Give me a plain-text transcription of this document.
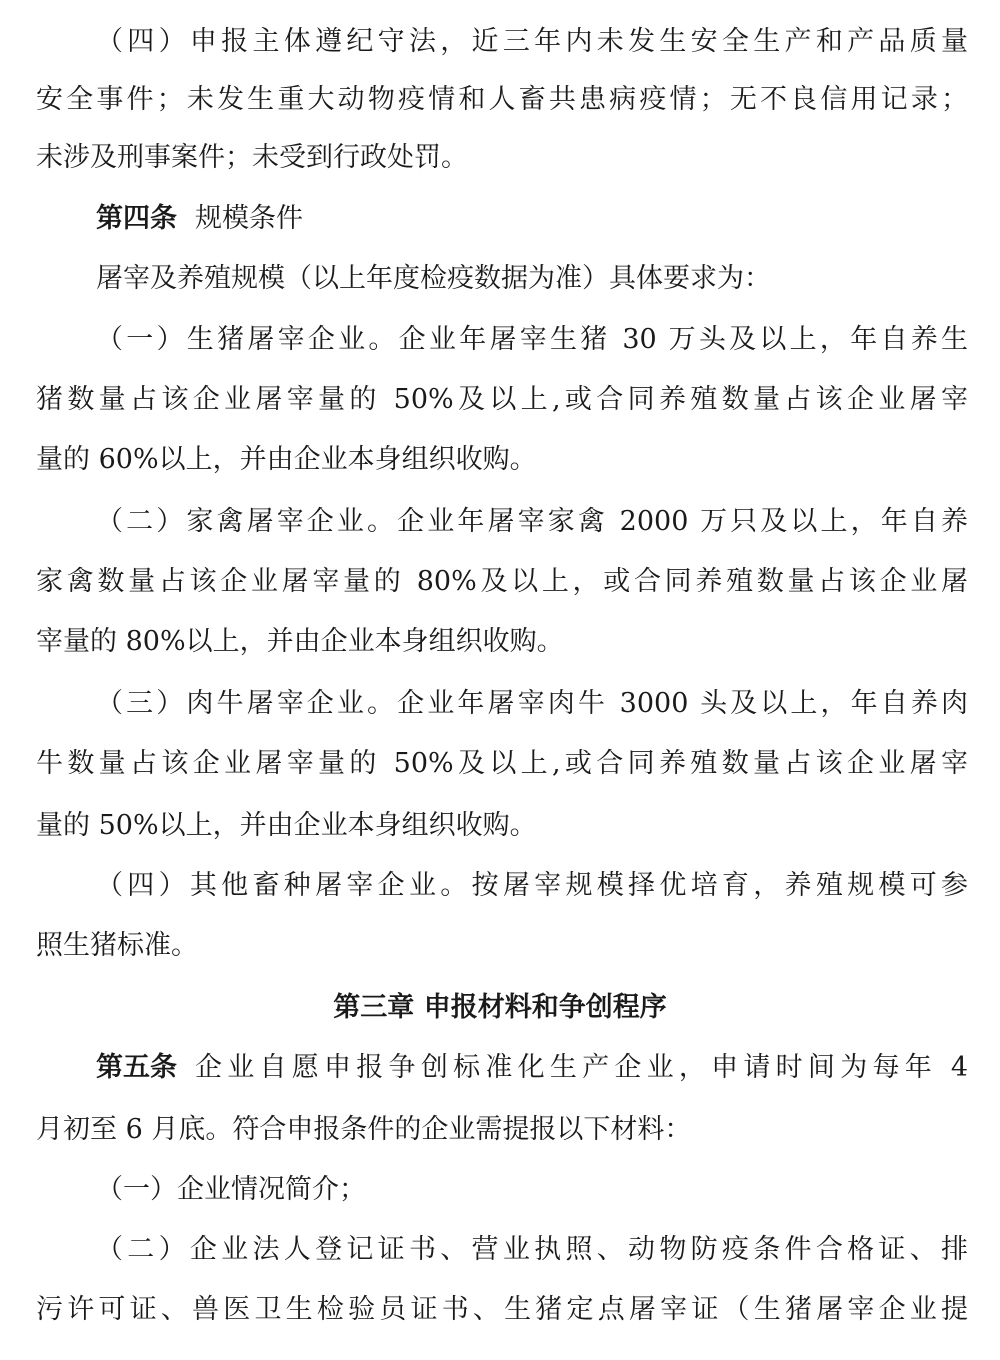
（四）申报主体遵纪守法，近三年内未发生安全生产和产品质量
安全事件；未发生重大动物疫情和人畜共患病疫情；无不良信用记录；
未涉及刑事案件；未受到行政处罚。
第四条 规模条件
屠宰及养殖规模（以上年度检疫数据为准）具体要求为：
（一）生猪屠宰企业。企业年屠宰生猪 30 万头及以上，年自养生
猪数量占该企业屠宰量的 50%及以上,或合同养殖数量占该企业屠宰
量的 60%以上，并由企业本身组织收购。
（二）家禽屠宰企业。企业年屠宰家禽 2000 万只及以上，年自养
家禽数量占该企业屠宰量的 80%及以上，或合同养殖数量占该企业屠
宰量的 80%以上，并由企业本身组织收购。
（三）肉牛屠宰企业。企业年屠宰肉牛 3000 头及以上，年自养肉
牛数量占该企业屠宰量的 50%及以上,或合同养殖数量占该企业屠宰
量的 50%以上，并由企业本身组织收购。
（四）其他畜种屠宰企业。按屠宰规模择优培育，养殖规模可参
照生猪标准。
第三章 申报材料和争创程序
第五条 企业自愿申报争创标准化生产企业，申请时间为每年 4
月初至 6 月底。符合申报条件的企业需提报以下材料：
（一）企业情况简介；
（二）企业法人登记证书、营业执照、动物防疫条件合格证、排
污许可证、兽医卫生检验员证书、生猪定点屠宰证（生猪屠宰企业提
